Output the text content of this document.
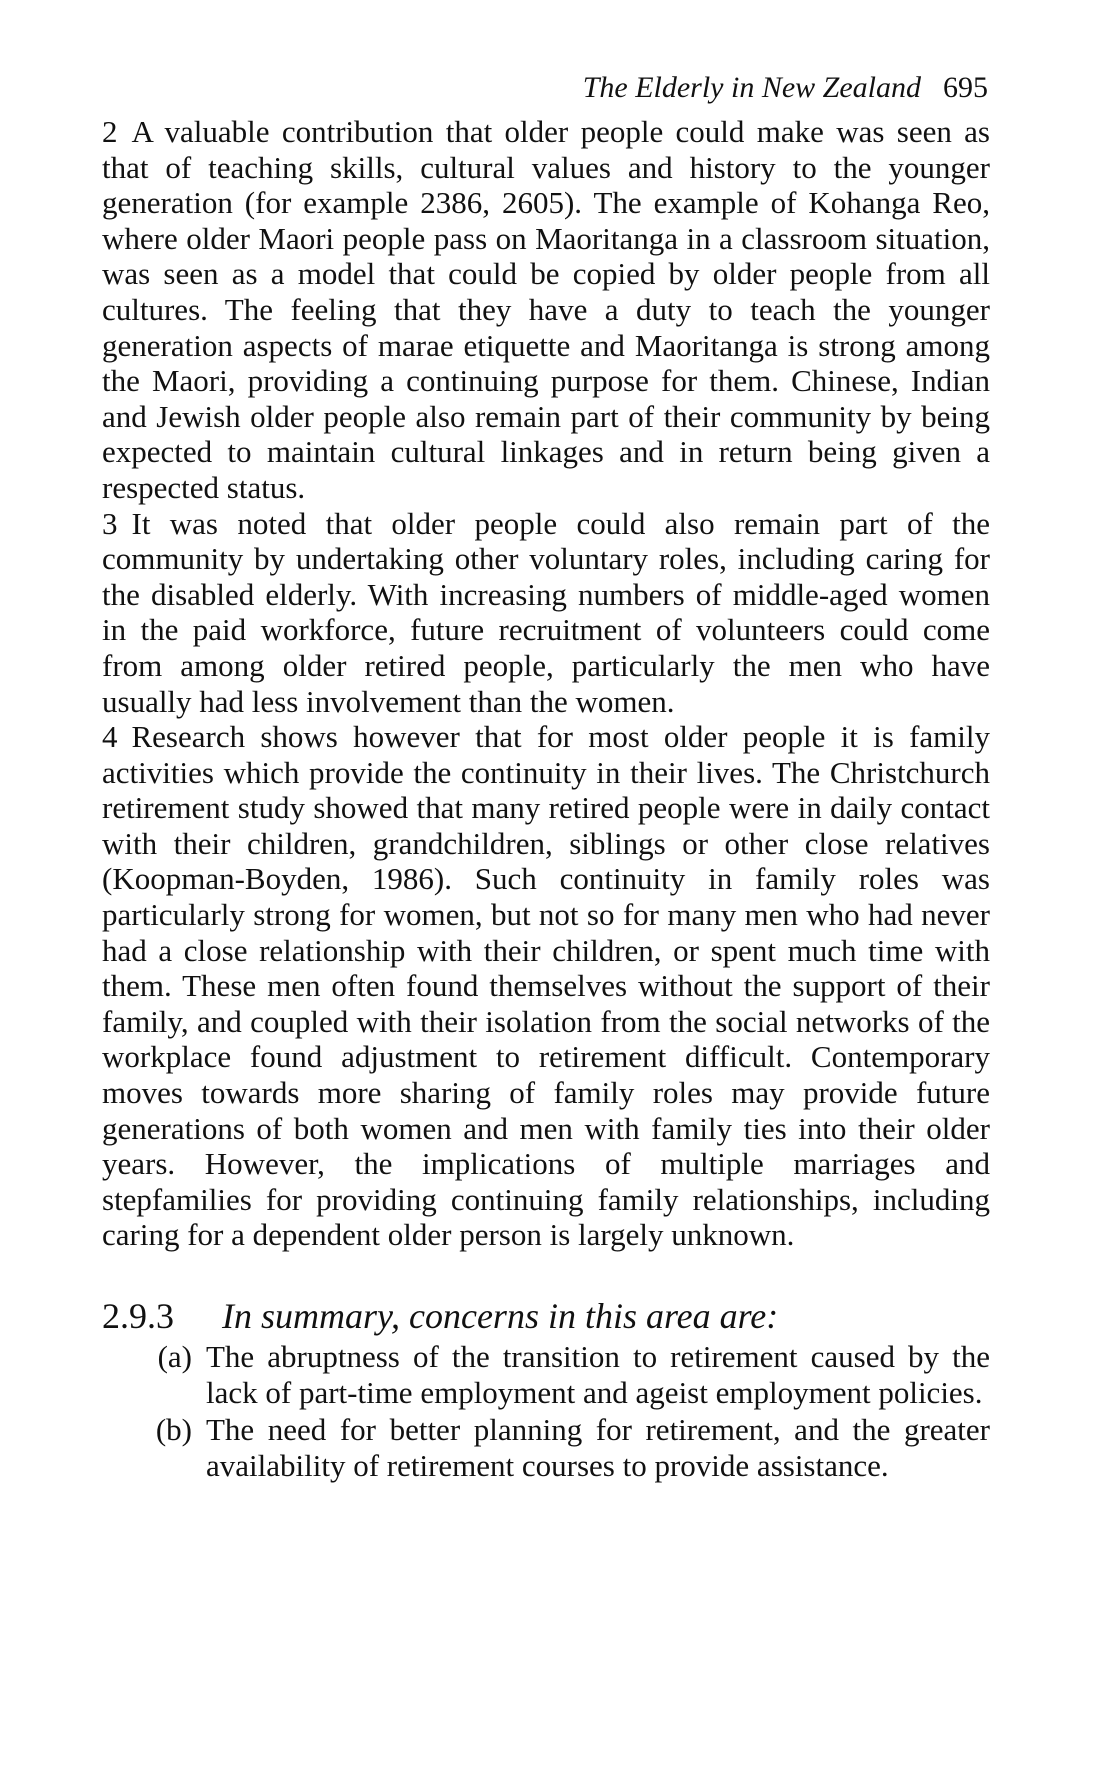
The Elderly in New Zealand 695

2 A valuable contribution that older people could make was seen as that of teaching skills, cultural values and history to the younger generation (for example 2386, 2605). The example of Kohanga Reo, where older Maori people pass on Maoritanga in a classroom situation, was seen as a model that could be copied by older people from all cultures. The feeling that they have a duty to teach the younger generation aspects of marae etiquette and Maoritanga is strong among the Maori, providing a continuing purpose for them. Chinese, Indian and Jewish older people also remain part of their community by being expected to maintain cultural linkages and in return being given a respected status.

3 It was noted that older people could also remain part of the community by undertaking other voluntary roles, including caring for the disabled elderly. With increasing numbers of middle-aged women in the paid workforce, future recruitment of volunteers could come from among older retired people, particularly the men who have usually had less involvement than the women.

4 Research shows however that for most older people it is family activities which provide the continuity in their lives. The Christchurch retirement study showed that many retired people were in daily contact with their children, grandchildren, siblings or other close relatives (Koopman-Boyden, 1986). Such continuity in family roles was particularly strong for women, but not so for many men who had never had a close relationship with their children, or spent much time with them. These men often found themselves without the support of their family, and coupled with their isolation from the social networks of the workplace found adjustment to retirement difficult. Contemporary moves towards more sharing of family roles may provide future generations of both women and men with family ties into their older years. However, the implications of multiple marriages and stepfamilies for providing continuing family relationships, including caring for a dependent older person is largely unknown.

2.9.3	In summary, concerns in this area are:
(a) The abruptness of the transition to retirement caused by the lack of part-time employment and ageist employment policies.
(b) The need for better planning for retirement, and the greater availability of retirement courses to provide assistance.
